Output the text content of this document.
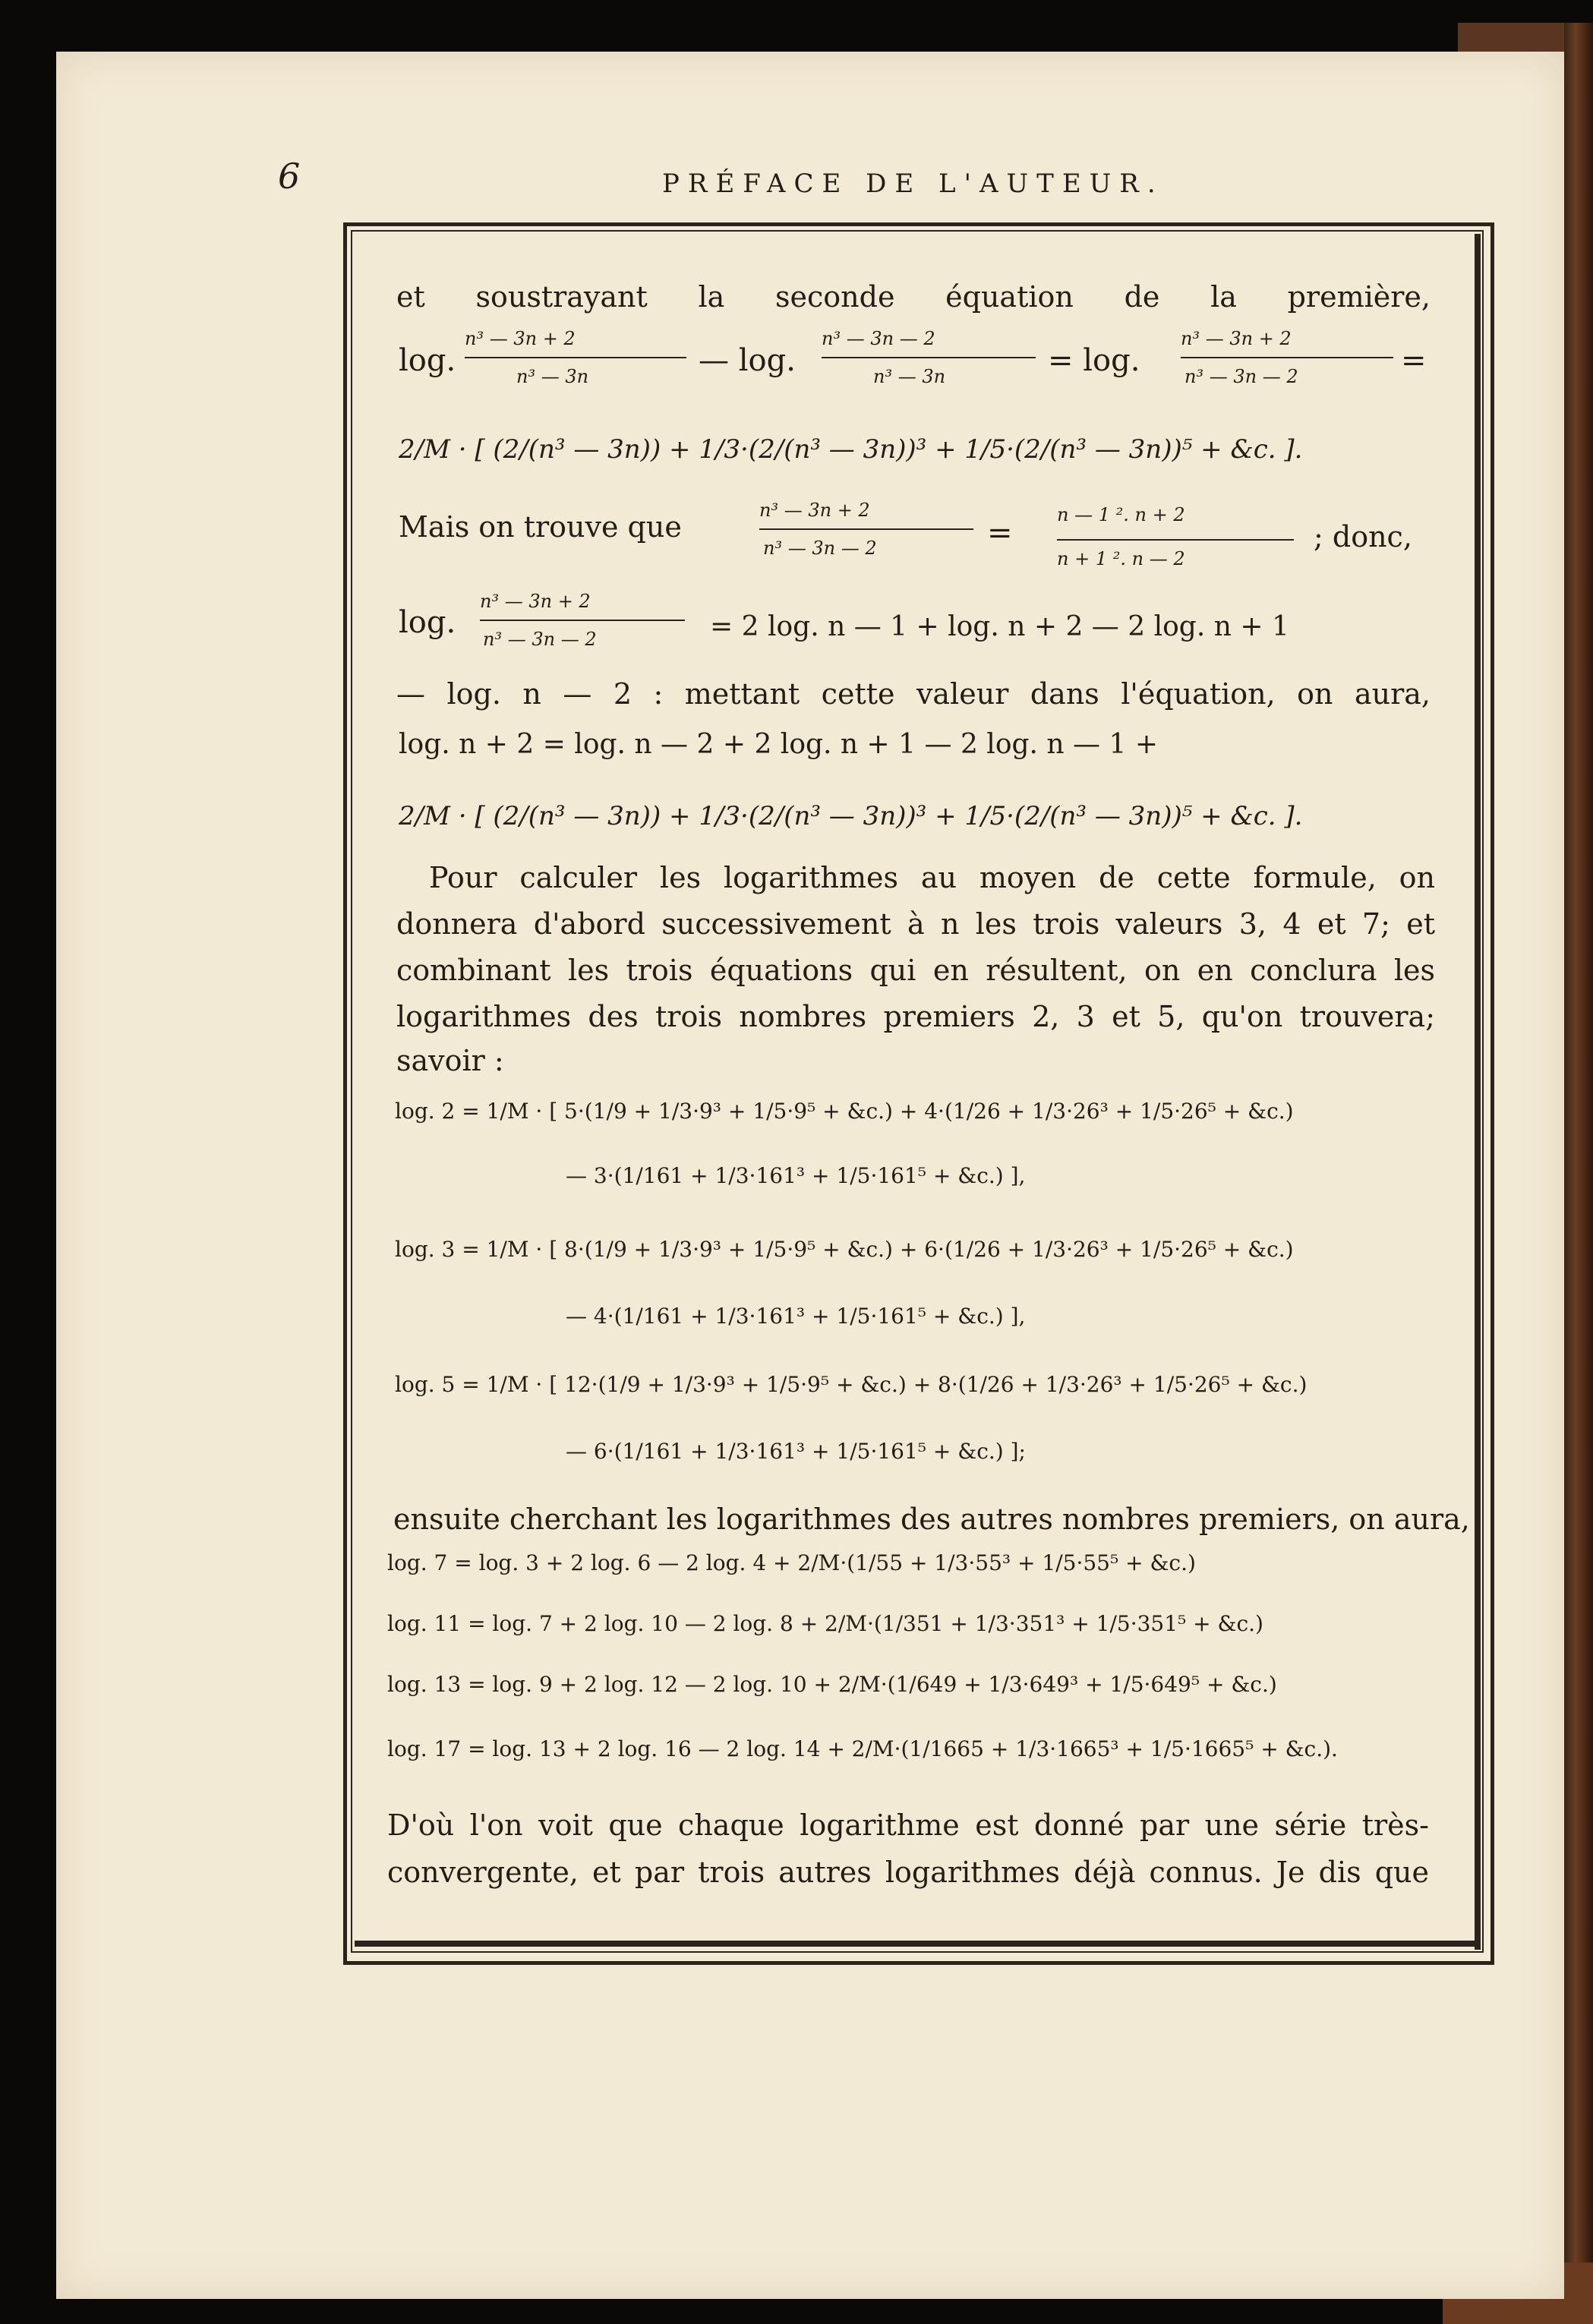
6	PRÉFACE DE L'AUTEUR.
et soustrayant la seconde équation de la première,
log.
n³ — 3n + 2
n³ — 3n	— log.
n³ — 3n — 2
n³ — 3n	= log.
n³ — 3n + 2
n³ — 3n — 2	=
2/M · [ (2/(n³ — 3n)) + 1/3·(2/(n³ — 3n))³ + 1/5·(2/(n³ — 3n))⁵ + &c. ].
Mais on trouve que	n³ — 3n + 2
n³ — 3n — 2	=
n — 1 ². n + 2
n + 1 ². n — 2
; donc,
log.
n³ — 3n + 2
n³ — 3n — 2	= 2 log. n — 1 + log. n + 2 — 2 log. n + 1
— log. n — 2 : mettant cette valeur dans l'équation, on aura,
log. n + 2 = log. n — 2 + 2 log. n + 1 — 2 log. n — 1 +
2/M · [ (2/(n³ — 3n)) + 1/3·(2/(n³ — 3n))³ + 1/5·(2/(n³ — 3n))⁵ + &c. ].
Pour calculer les logarithmes au moyen de cette formule, on
donnera d'abord successivement à n les trois valeurs 3, 4 et 7; et
combinant les trois équations qui en résultent, on en conclura les
logarithmes des trois nombres premiers 2, 3 et 5, qu'on trouvera;
savoir :
log. 2 = 1/M · [ 5·(1/9 + 1/3·9³ + 1/5·9⁵ + &c.) + 4·(1/26 + 1/3·26³ + 1/5·26⁵ + &c.)
— 3·(1/161 + 1/3·161³ + 1/5·161⁵ + &c.) ],
log. 3 = 1/M · [ 8·(1/9 + 1/3·9³ + 1/5·9⁵ + &c.) + 6·(1/26 + 1/3·26³ + 1/5·26⁵ + &c.)
— 4·(1/161 + 1/3·161³ + 1/5·161⁵ + &c.) ],
log. 5 = 1/M · [ 12·(1/9 + 1/3·9³ + 1/5·9⁵ + &c.) + 8·(1/26 + 1/3·26³ + 1/5·26⁵ + &c.)
— 6·(1/161 + 1/3·161³ + 1/5·161⁵ + &c.) ];
ensuite cherchant les logarithmes des autres nombres premiers, on aura,
log. 7 = log. 3 + 2 log. 6 — 2 log. 4 + 2/M·(1/55 + 1/3·55³ + 1/5·55⁵ + &c.)
log. 11 = log. 7 + 2 log. 10 — 2 log. 8 + 2/M·(1/351 + 1/3·351³ + 1/5·351⁵ + &c.)
log. 13 = log. 9 + 2 log. 12 — 2 log. 10 + 2/M·(1/649 + 1/3·649³ + 1/5·649⁵ + &c.)
log. 17 = log. 13 + 2 log. 16 — 2 log. 14 + 2/M·(1/1665 + 1/3·1665³ + 1/5·1665⁵ + &c.).
D'où l'on voit que chaque logarithme est donné par une série très-
convergente, et par trois autres logarithmes déjà connus. Je dis que
